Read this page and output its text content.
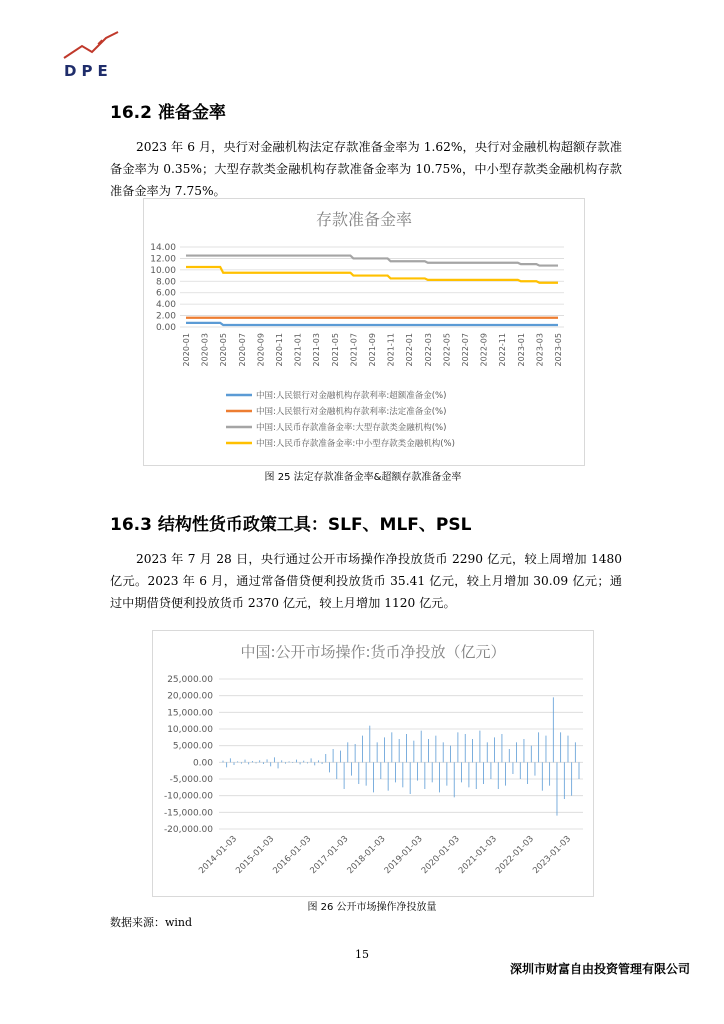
DPE
16.2 准备金率
2023 年 6 月，央行对金融机构法定存款准备金率为 1.62%，央行对金融机构超额存款准备金率为 0.35%；大型存款类金融机构存款准备金率为 10.75%，中小型存款类金融机构存款准备金率为 7.75%。
存款准备金率
0.00
2.00
4.00
6.00
8.00
10.00
12.00
14.00
2020-01 2020-03 2020-05 2020-07 2020-09 2020-11 2021-01 2021-03 2021-05 2021-07 2021-09 2021-11 2022-01 2022-03 2022-05 2022-07 2022-09 2022-11 2023-01 2023-03 2023-05
中国:人民银行对金融机构存款利率:超额准备金(%)
中国:人民银行对金融机构存款利率:法定准备金(%)
中国:人民币存款准备金率:大型存款类金融机构(%)
中国:人民币存款准备金率:中小型存款类金融机构(%)
图 25 法定存款准备金率&超额存款准备金率
16.3 结构性货币政策工具：SLF、MLF、PSL
2023 年 7 月 28 日，央行通过公开市场操作净投放货币 2290 亿元，较上周增加 1480 亿元。2023 年 6 月，通过常备借贷便利投放货币 35.41 亿元，较上月增加 30.09 亿元；通过中期借贷便利投放货币 2370 亿元，较上月增加 1120 亿元。
中国:公开市场操作:货币净投放（亿元）
-20,000.00
-15,000.00
-10,000.00
-5,000.00
0.00
5,000.00
10,000.00
15,000.00
20,000.00
25,000.00
2014-01-03
2015-01-03
2016-01-03
2017-01-03
2018-01-03
2019-01-03
2020-01-03
2021-01-03
2022-01-03
2023-01-03
图 26 公开市场操作净投放量
数据来源：wind
15
深圳市财富自由投资管理有限公司
